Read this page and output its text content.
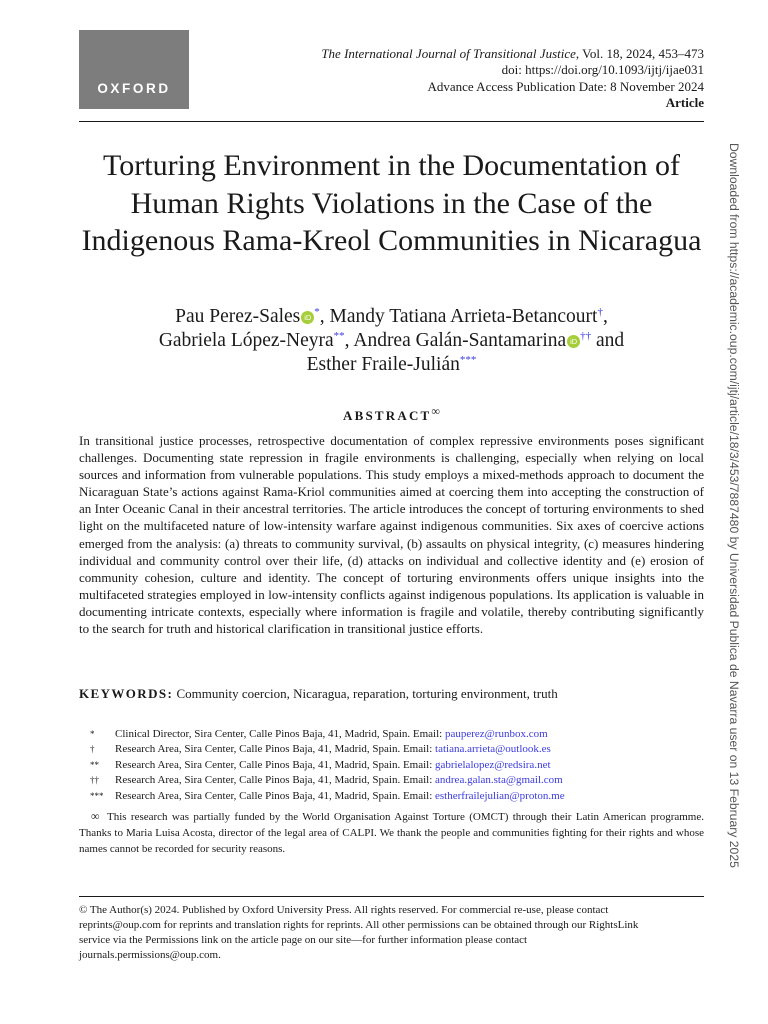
OXFORD
The International Journal of Transitional Justice, Vol. 18, 2024, 453–473
doi: https://doi.org/10.1093/ijtj/ijae031
Advance Access Publication Date: 8 November 2024
Article
Torturing Environment in the Documentation of Human Rights Violations in the Case of the Indigenous Rama-Kreol Communities in Nicaragua
Pau Perez-Sales iD *, Mandy Tatiana Arrieta-Betancourt†,
Gabriela López-Neyra**, Andrea Galán-Santamarina iD †† and
Esther Fraile-Julián***
ABSTRACT∞

In transitional justice processes, retrospective documentation of complex repressive environments poses significant challenges. Documenting state repression in fragile environments is challenging, especially when relying on local sources and information from vulnerable populations. This study employs a mixed-methods approach to document the Nicaraguan State’s actions against Rama-Kriol communities aimed at coercing them into accepting the construction of an Inter Oceanic Canal in their ancestral territories. The article introduces the concept of torturing environments to shed light on the multifaceted nature of low-intensity warfare against indigenous communities. Six axes of coercive actions emerged from the analysis: (a) threats to community survival, (b) assaults on physical integrity, (c) measures hindering individual and community control over their life, (d) attacks on individual and collective identity and (e) erosion of community cohesion, culture and identity. The concept of torturing environments offers unique insights into the multifaceted strategies employed in low-intensity conflicts against indigenous populations. Its application is valuable in documenting intricate contexts, especially where information is fragile and volatile, thereby contributing significantly to the search for truth and historical clarification in transitional justice efforts.

KEYWORDS: Community coercion, Nicaragua, reparation, torturing environment, truth
*	Clinical Director, Sira Center, Calle Pinos Baja, 41, Madrid, Spain. Email: pauperez@runbox.com
†	Research Area, Sira Center, Calle Pinos Baja, 41, Madrid, Spain. Email: tatiana.arrieta@outlook.es
**	Research Area, Sira Center, Calle Pinos Baja, 41, Madrid, Spain. Email: gabrielalopez@redsira.net
††	Research Area, Sira Center, Calle Pinos Baja, 41, Madrid, Spain. Email: andrea.galan.sta@gmail.com
***	Research Area, Sira Center, Calle Pinos Baja, 41, Madrid, Spain. Email: estherfrailejulian@proton.me

∞ This research was partially funded by the World Organisation Against Torture (OMCT) through their Latin American programme. Thanks to Maria Luisa Acosta, director of the legal area of CALPI. We thank the people and communities fighting for their rights and whose names cannot be recorded for security reasons.

© The Author(s) 2024. Published by Oxford University Press. All rights reserved. For commercial re-use, please contact reprints@oup.com for reprints and translation rights for reprints. All other permissions can be obtained through our RightsLink service via the Permissions link on the article page on our site—for further information please contact journals.permissions@oup.com.

Downloaded from https://academic.oup.com/ijtj/article/18/3/453/7887480 by Universidad Publica de Navarra user on 13 February 2025
